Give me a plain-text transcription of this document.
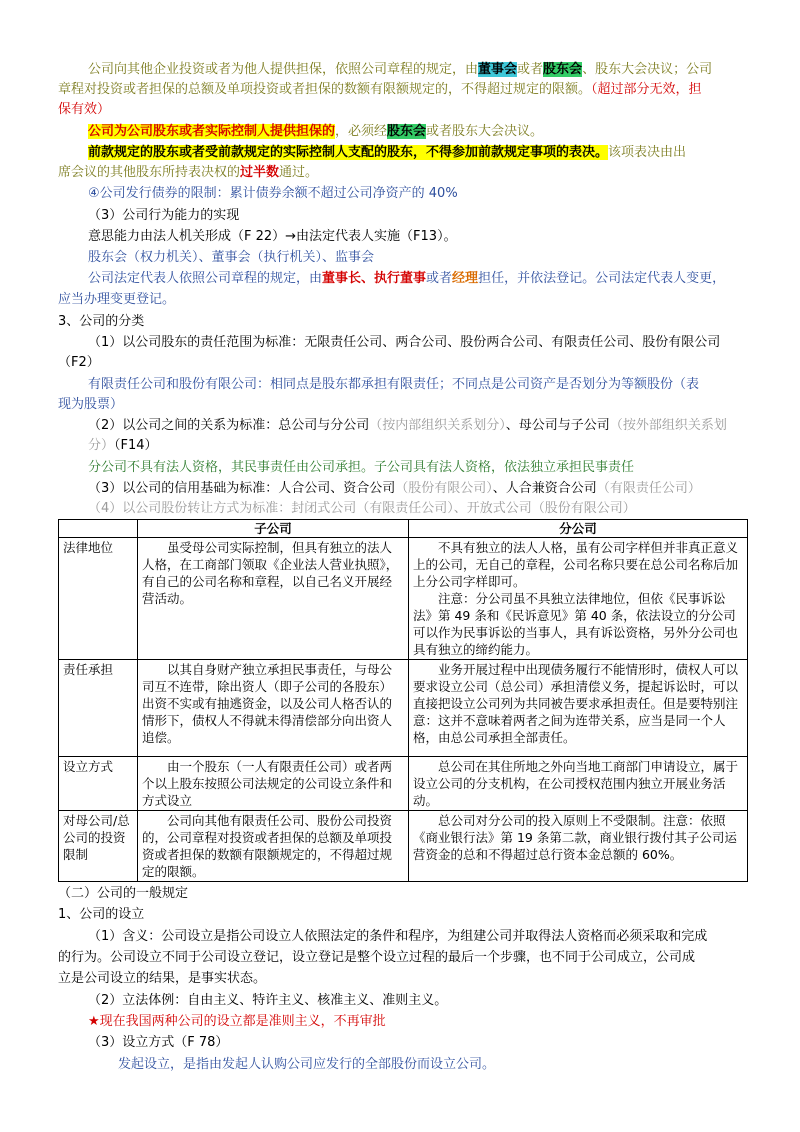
公司向其他企业投资或者为他人提供担保，依照公司章程的规定，由董事会或者股东会、股东大会决议；公司
章程对投资或者担保的总额及单项投资或者担保的数额有限额规定的，不得超过规定的限额。（超过部分无效，担
保有效）
公司为公司股东或者实际控制人提供担保的，必须经股东会或者股东大会决议。
前款规定的股东或者受前款规定的实际控制人支配的股东，不得参加前款规定事项的表决。该项表决由出
席会议的其他股东所持表决权的过半数通过。
④公司发行债券的限制：累计债券余额不超过公司净资产的 40%
（3）公司行为能力的实现
意思能力由法人机关形成（F 22）→由法定代表人实施（F13）。
股东会（权力机关）、董事会（执行机关）、监事会
公司法定代表人依照公司章程的规定，由董事长、执行董事或者经理担任，并依法登记。公司法定代表人变更，
应当办理变更登记。
3、公司的分类
（1）以公司股东的责任范围为标准：无限责任公司、两合公司、股份两合公司、有限责任公司、股份有限公司
（F2）
有限责任公司和股份有限公司：相同点是股东都承担有限责任；不同点是公司资产是否划分为等额股份（表
现为股票）
（2）以公司之间的关系为标准：总公司与分公司（按内部组织关系划分）、母公司与子公司（按外部组织关系划
分）（F14）
分公司不具有法人资格，其民事责任由公司承担。子公司具有法人资格，依法独立承担民事责任
（3）以公司的信用基础为标准：人合公司、资合公司（股份有限公司）、人合兼资合公司（有限责任公司）
（4）以公司股份转让方式为标准：封闭式公司（有限责任公司）、开放式公司（股份有限公司）
	子公司	分公司
法律地位	虽受母公司实际控制，但具有独立的法人人格，在工商部门领取《企业法人营业执照》，有自己的公司名称和章程，以自己名义开展经营活动。	不具有独立的法人人格，虽有公司字样但并非真正意义上的公司，无自己的章程，公司名称只要在总公司名称后加上分公司字样即可。
注意：分公司虽不具独立法律地位，但依《民事诉讼法》第 49 条和《民诉意见》第 40 条，依法设立的分公司可以作为民事诉讼的当事人，具有诉讼资格，另外分公司也具有独立的缔约能力。

责任承担	以其自身财产独立承担民事责任，与母公司互不连带，除出资人（即子公司的各股东）出资不实或有抽逃资金，以及公司人格否认的情形下，债权人不得就未得清偿部分向出资人追偿。	业务开展过程中出现债务履行不能情形时，债权人可以要求设立公司（总公司）承担清偿义务，提起诉讼时，可以直接把设立公司列为共同被告要求承担责任。但是要特别注意：这并不意味着两者之间为连带关系，应当是同一个人格，由总公司承担全部责任。
设立方式	由一个股东（一人有限责任公司）或者两个以上股东按照公司法规定的公司设立条件和方式设立	总公司在其住所地之外向当地工商部门申请设立，属于设立公司的分支机构，在公司授权范围内独立开展业务活动。
对母公司/总公司的投资限制	公司向其他有限责任公司、股份公司投资的，公司章程对投资或者担保的总额及单项投资或者担保的数额有限额规定的，不得超过规定的限额。	总公司对分公司的投入原则上不受限制。注意：依照《商业银行法》第 19 条第二款，商业银行拨付其子公司运营资金的总和不得超过总行资本金总额的 60%。
（二）公司的一般规定
1、公司的设立
（1）含义：公司设立是指公司设立人依照法定的条件和程序，为组建公司并取得法人资格而必须采取和完成
的行为。公司设立不同于公司设立登记，设立登记是整个设立过程的最后一个步骤，也不同于公司成立，公司成
立是公司设立的结果，是事实状态。
（2）立法体例：自由主义、特许主义、核准主义、准则主义。
★现在我国两种公司的设立都是准则主义，不再审批
（3）设立方式（F 78）
发起设立，是指由发起人认购公司应发行的全部股份而设立公司。
